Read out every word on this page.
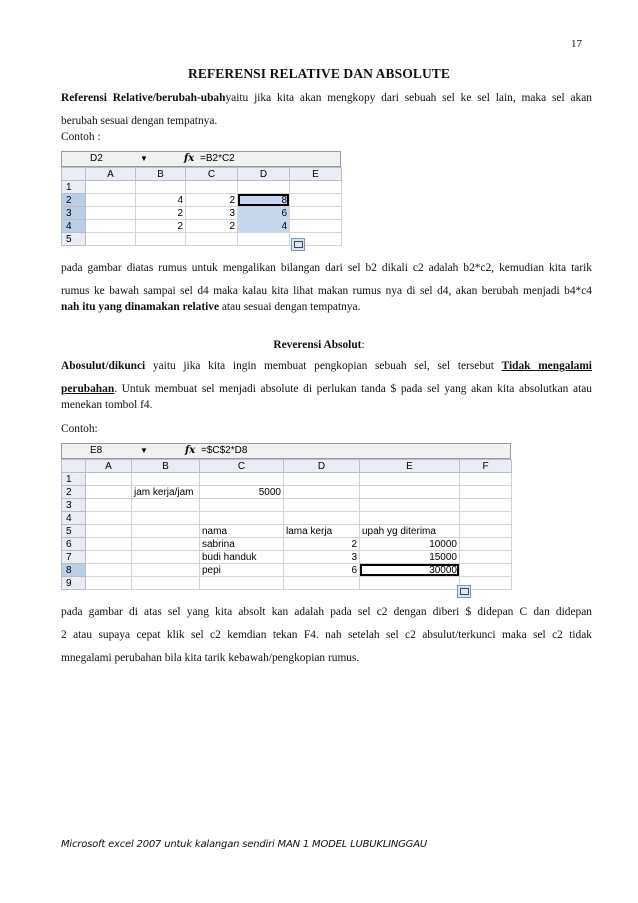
17
REFERENSI RELATIVE DAN ABSOLUTE
Referensi Relative/berubah-ubahyaitu jika kita akan mengkopy dari sebuah sel ke sel lain, maka sel akan
berubah sesuai dengan tempatnya.
Contoh :
D2	▼	fx =B2*C2
	A	B	C	D	E
1					
2		4	2	8	
3		2	3	6	
4		2	2	4	
5					
pada gambar diatas rumus untuk mengalikan bilangan dari sel b2 dikali c2 adalah b2*c2, kemudian kita tarik
rumus ke bawah sampai sel d4 maka kalau kita lihat makan rumus nya di sel d4, akan berubah menjadi b4*c4
nah itu yang dinamakan relative atau sesuai dengan tempatnya.
Reverensi Absolut:
Abosulut/dikunci yaitu jika kita ingin membuat pengkopian sebuah sel, sel tersebut Tidak mengalami
perubahan. Untuk membuat sel menjadi absolute di perlukan tanda $ pada sel yang akan kita absolutkan atau
menekan tombol f4.
Contoh:
E8	▼	fx =$C$2*D8
	A	B	C	D	E	F
1						
2		jam kerja/jam	5000			
3						
4						
5			nama	lama kerja	upah yg diterima	
6			sabrina	2	10000	
7			budi handuk	3	15000	
8			pepi	6	30000	
9						
pada gambar di atas sel yang kita absolt kan adalah pada sel c2 dengan diberi $ didepan C dan didepan
2 atau supaya cepat klik sel c2 kemdian tekan F4. nah setelah sel c2 absulut/terkunci maka sel c2 tidak
mnegalami perubahan bila kita tarik kebawah/pengkopian rumus.
Microsoft excel 2007 untuk kalangan sendiri MAN 1 MODEL LUBUKLINGGAU
